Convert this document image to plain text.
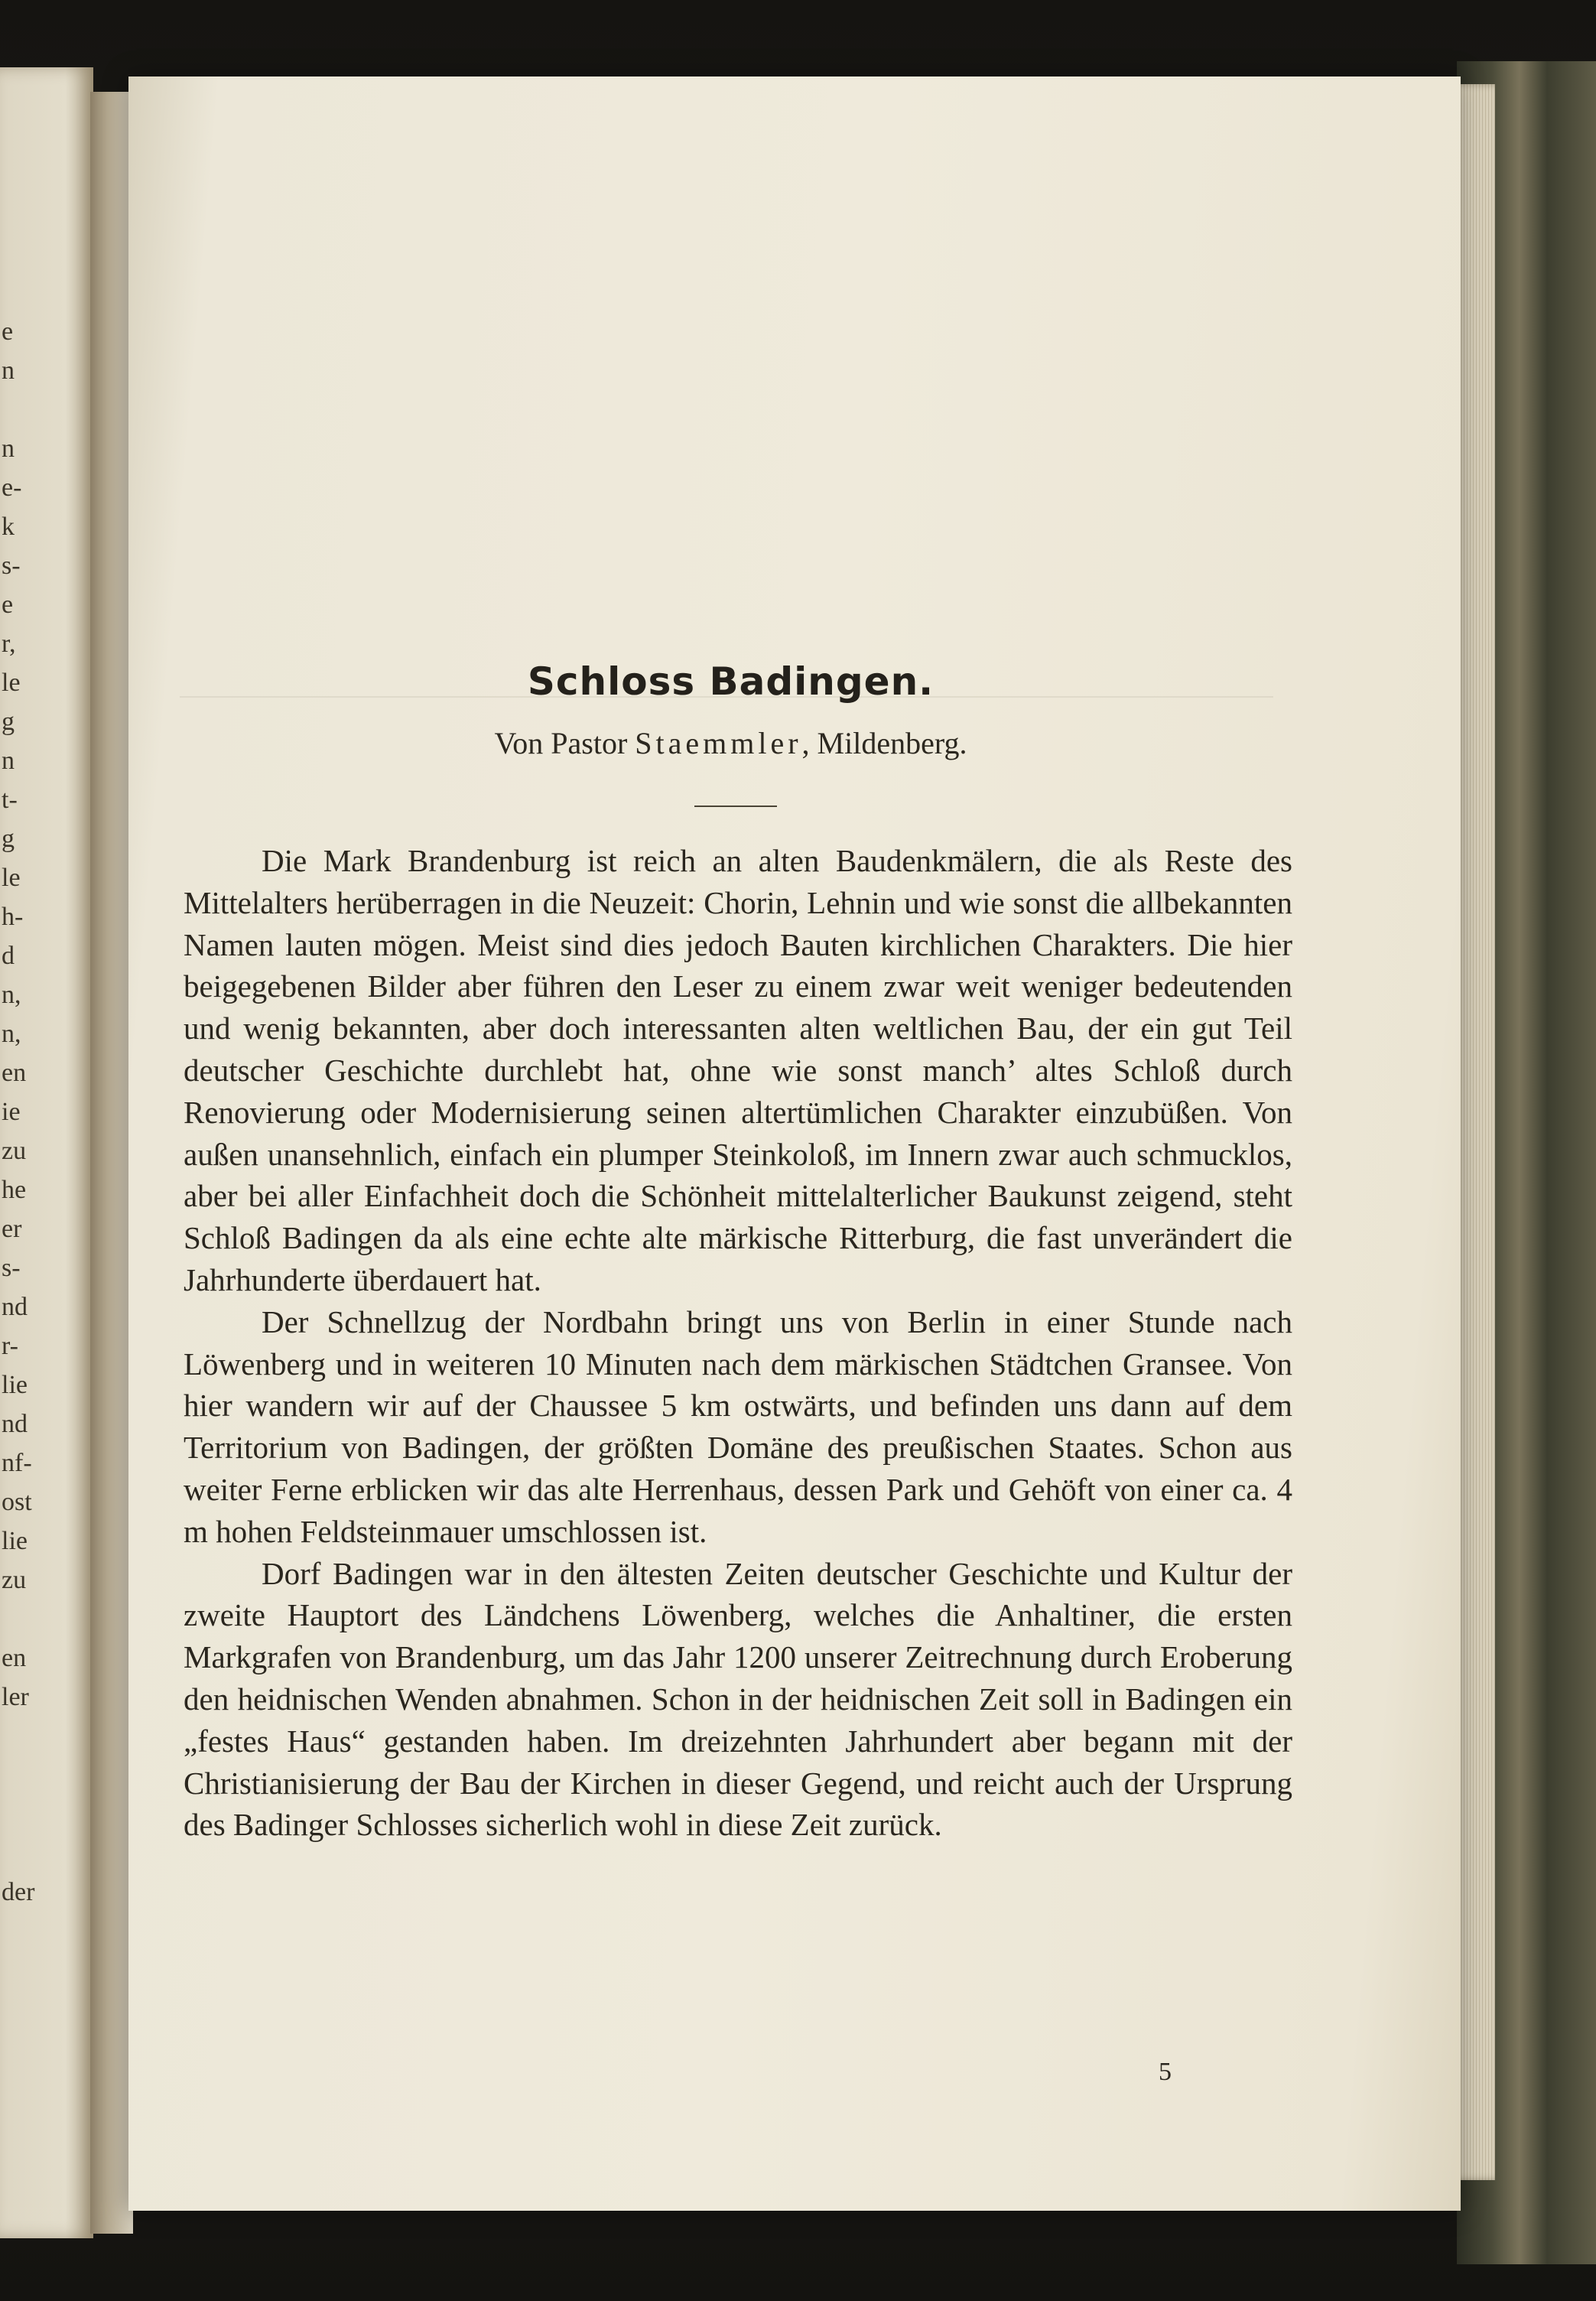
e
n

n
e-
k
s-
e
r,
le
g
n
t-
g
le
h-
d
n,
n,
en
ie
zu
he
er
s-
nd
r-
lie
nd
nf-
ost
lie
zu

en
ler

der
Schloss Badingen.
Von Pastor Staemmler, Mildenberg.

Die Mark Brandenburg ist reich an alten Baudenkmälern, die als Reste des Mittelalters herüberragen in die Neuzeit: Chorin, Lehnin und wie sonst die allbekannten Namen lauten mögen. Meist sind dies jedoch Bauten kirchlichen Charakters. Die hier beigegebenen Bilder aber führen den Leser zu einem zwar weit weniger bedeutenden und wenig bekannten, aber doch interessanten alten weltlichen Bau, der ein gut Teil deutscher Geschichte durchlebt hat, ohne wie sonst manch’ altes Schloß durch Renovierung oder Modernisierung seinen altertümlichen Charakter einzubüßen. Von außen unansehnlich, einfach ein plumper Steinkoloß, im Innern zwar auch schmucklos, aber bei aller Einfachheit doch die Schönheit mittelalterlicher Baukunst zeigend, steht Schloß Badingen da als eine echte alte märkische Ritterburg, die fast unverändert die Jahrhunderte überdauert hat.

Der Schnellzug der Nordbahn bringt uns von Berlin in einer Stunde nach Löwenberg und in weiteren 10 Minuten nach dem märkischen Städtchen Gransee. Von hier wandern wir auf der Chaussee 5 km ostwärts, und befinden uns dann auf dem Territorium von Badingen, der größten Domäne des preußischen Staates. Schon aus weiter Ferne erblicken wir das alte Herrenhaus, dessen Park und Gehöft von einer ca. 4 m hohen Feldsteinmauer umschlossen ist.

Dorf Badingen war in den ältesten Zeiten deutscher Geschichte und Kultur der zweite Hauptort des Ländchens Löwenberg, welches die Anhaltiner, die ersten Markgrafen von Brandenburg, um das Jahr 1200 unserer Zeitrechnung durch Eroberung den heidnischen Wenden abnahmen. Schon in der heidnischen Zeit soll in Badingen ein „festes Haus“ gestanden haben. Im dreizehnten Jahrhundert aber begann mit der Christianisierung der Bau der Kirchen in dieser Gegend, und reicht auch der Ursprung des Badinger Schlosses sicherlich wohl in diese Zeit zurück.

5
